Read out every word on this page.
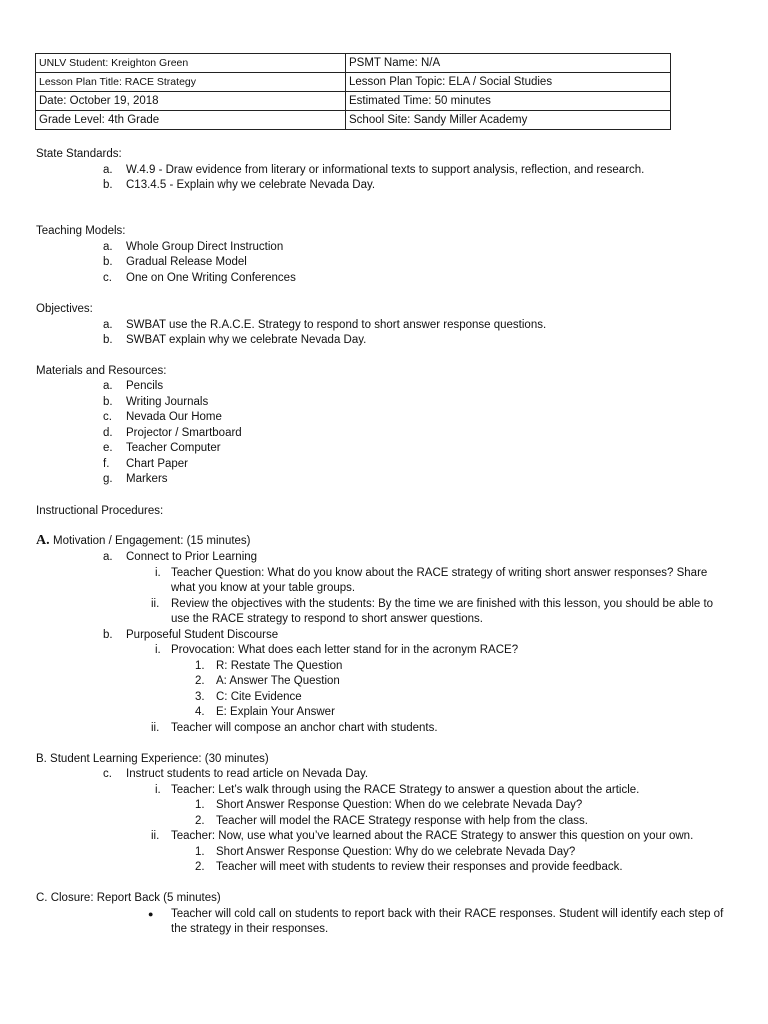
UNLV Student: Kreighton Green	PSMT Name: N/A
Lesson Plan Title: RACE Strategy	Lesson Plan Topic: ELA / Social Studies
Date: October 19, 2018	Estimated Time: 50 minutes
Grade Level: 4th Grade	School Site: Sandy Miller Academy
State Standards:
a. W.4.9 - Draw evidence from literary or informational texts to support analysis, reflection, and research.
b. C13.4.5 - Explain why we celebrate Nevada Day.
Teaching Models:
a. Whole Group Direct Instruction
b. Gradual Release Model
c. One on One Writing Conferences
Objectives:
a. SWBAT use the R.A.C.E. Strategy to respond to short answer response questions.
b. SWBAT explain why we celebrate Nevada Day.
Materials and Resources:
a. Pencils
b. Writing Journals
c. Nevada Our Home
d. Projector / Smartboard
e. Teacher Computer
f. Chart Paper
g. Markers
Instructional Procedures:
A. Motivation / Engagement: (15 minutes)
a. Connect to Prior Learning
i. Teacher Question: What do you know about the RACE strategy of writing short answer responses? Share
what you know at your table groups.
ii. Review the objectives with the students: By the time we are finished with this lesson, you should be able to
use the RACE strategy to respond to short answer questions.
b. Purposeful Student Discourse
i. Provocation: What does each letter stand for in the acronym RACE?
1. R: Restate The Question
2. A: Answer The Question
3. C: Cite Evidence
4. E: Explain Your Answer
ii. Teacher will compose an anchor chart with students.
B. Student Learning Experience: (30 minutes)
c. Instruct students to read article on Nevada Day.
i. Teacher: Let’s walk through using the RACE Strategy to answer a question about the article.
1. Short Answer Response Question: When do we celebrate Nevada Day?
2. Teacher will model the RACE Strategy response with help from the class.
ii. Teacher: Now, use what you’ve learned about the RACE Strategy to answer this question on your own.
1. Short Answer Response Question: Why do we celebrate Nevada Day?
2. Teacher will meet with students to review their responses and provide feedback.
C. Closure: Report Back (5 minutes)
● Teacher will cold call on students to report back with their RACE responses. Student will identify each step of
the strategy in their responses.
